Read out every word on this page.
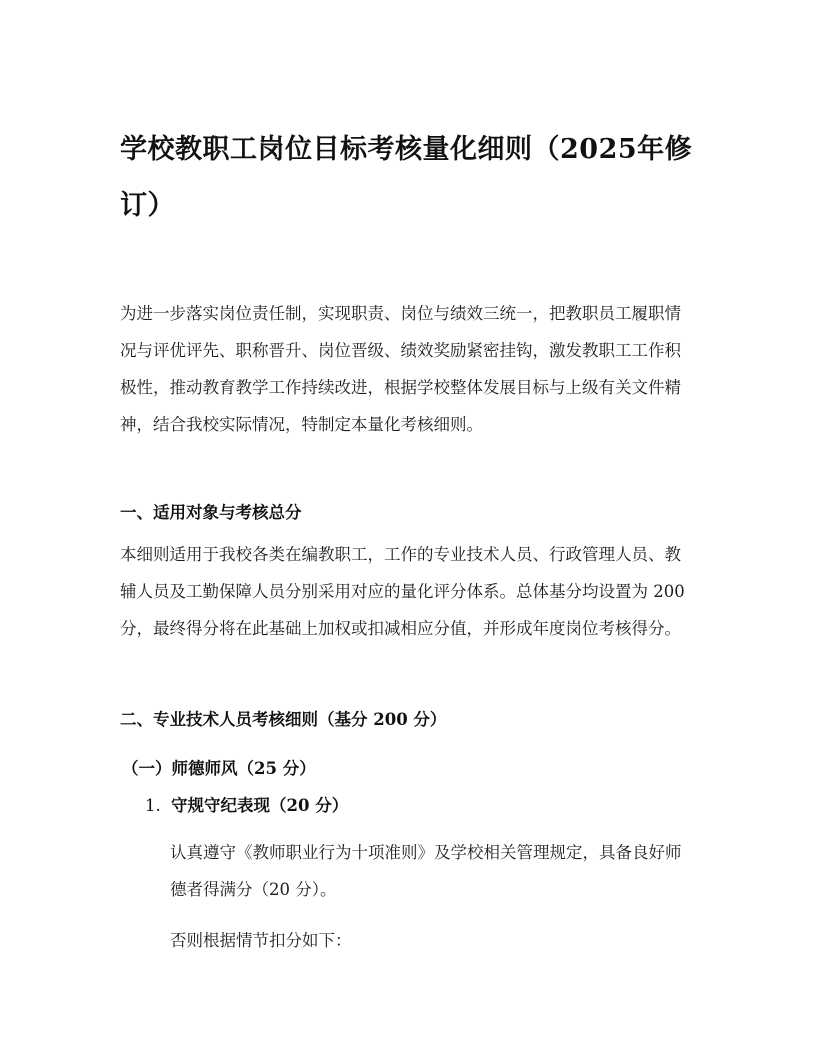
学校教职工岗位目标考核量化细则（2025年修订）

为进一步落实岗位责任制，实现职责、岗位与绩效三统一，把教职员工履职情况与评优评先、职称晋升、岗位晋级、绩效奖励紧密挂钩，激发教职工工作积极性，推动教育教学工作持续改进，根据学校整体发展目标与上级有关文件精神，结合我校实际情况，特制定本量化考核细则。

一、适用对象与考核总分

本细则适用于我校各类在编教职工，工作的专业技术人员、行政管理人员、教辅人员及工勤保障人员分别采用对应的量化评分体系。总体基分均设置为 200 分，最终得分将在此基础上加权或扣减相应分值，并形成年度岗位考核得分。

二、专业技术人员考核细则（基分 200 分）
（一）师德师风（25 分）
1. 守规守纪表现（20 分）

认真遵守《教师职业行为十项准则》及学校相关管理规定，具备良好师德者得满分（20 分）。

否则根据情节扣分如下：
